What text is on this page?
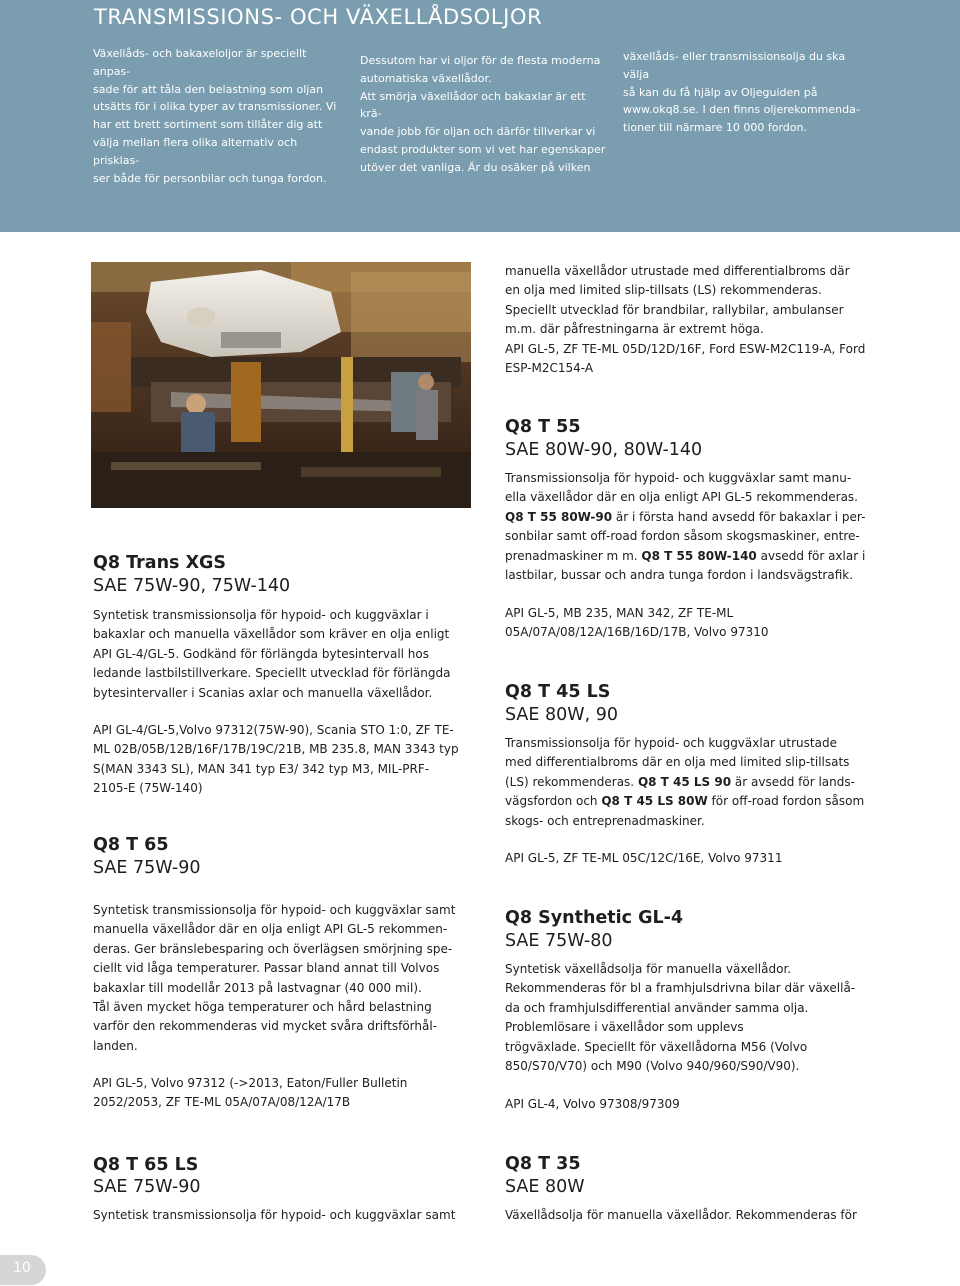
TRANSMISSIONS- OCH VÄXELLÅDSOLJOR

Växellåds- och bakaxeloljor är speciellt anpas-

sade för att tåla den belastning som oljan

utsätts för i olika typer av transmissioner. Vi

har ett brett sortiment som tillåter dig att

välja mellan flera olika alternativ och prisklas-

ser både för personbilar och tunga fordon.

Dessutom har vi oljor för de flesta moderna

automatiska växellådor.

Att smörja växellådor och bakaxlar är ett krä-

vande jobb för oljan och därför tillverkar vi

endast produkter som vi vet har egenskaper

utöver det vanliga. Är du osäker på vilken

växellåds- eller transmissionsolja du ska välja

så kan du få hjälp av Oljeguiden på

www.okq8.se. I den finns oljerekommenda-

tioner till närmare 10 000 fordon.

manuella växellådor utrustade med differentialbroms där
en olja med limited slip-tillsats (LS) rekommenderas.
Speciellt utvecklad för brandbilar, rallybilar, ambulanser
m.m. där påfrestningarna är extremt höga.
API GL-5, ZF TE-ML 05D/12D/16F, Ford ESW-M2C119-A, Ford
ESP-M2C154-A
Q8 Trans XGS
SAE 75W-90, 75W-140
Syntetisk transmissionsolja för hypoid- och kuggväxlar i
bakaxlar och manuella växellådor som kräver en olja enligt
API GL-4/GL-5. Godkänd för förlängda bytesintervall hos
ledande lastbilstillverkare. Speciellt utvecklad för förlängda
bytesintervaller i Scanias axlar och manuella växellådor.
API GL-4/GL-5,Volvo 97312(75W-90), Scania STO 1:0, ZF TE-
ML 02B/05B/12B/16F/17B/19C/21B, MB 235.8, MAN 3343 typ
S(MAN 3343 SL), MAN 341 typ E3/ 342 typ M3, MIL-PRF-
2105-E (75W-140)
Q8 T 65
SAE 75W-90
Syntetisk transmissionsolja för hypoid- och kuggväxlar samt
manuella växellådor där en olja enligt API GL-5 rekommen-
deras. Ger bränslebesparing och överlägsen smörjning spe-
ciellt vid låga temperaturer. Passar bland annat till Volvos
bakaxlar till modellår 2013 på lastvagnar (40 000 mil).
Tål även mycket höga temperaturer och hård belastning
varför den rekommenderas vid mycket svåra driftsförhål-
landen.
API GL-5, Volvo 97312 (->2013, Eaton/Fuller Bulletin
2052/2053, ZF TE-ML 05A/07A/08/12A/17B
Q8 T 65 LS
SAE 75W-90
Syntetisk transmissionsolja för hypoid- och kuggväxlar samt
Q8 T 55
SAE 80W-90, 80W-140
Transmissionsolja för hypoid- och kuggväxlar samt manu-
ella växellådor där en olja enligt API GL-5 rekommenderas.
Q8 T 55 80W-90 är i första hand avsedd för bakaxlar i per-
sonbilar samt off-road fordon såsom skogsmaskiner, entre-
prenadmaskiner m m. Q8 T 55 80W-140 avsedd för axlar i
lastbilar, bussar och andra tunga fordon i landsvägstrafik.
API GL-5, MB 235, MAN 342, ZF TE-ML
05A/07A/08/12A/16B/16D/17B, Volvo 97310
Q8 T 45 LS
SAE 80W, 90
Transmissionsolja för hypoid- och kuggväxlar utrustade
med differentialbroms där en olja med limited slip-tillsats
(LS) rekommenderas. Q8 T 45 LS 90 är avsedd för lands-
vägsfordon och Q8 T 45 LS 80W för off-road fordon såsom
skogs- och entreprenadmaskiner.
API GL-5, ZF TE-ML 05C/12C/16E, Volvo 97311
Q8 Synthetic GL-4
SAE 75W-80
Syntetisk växellådsolja för manuella växellådor.
Rekommenderas för bl a framhjulsdrivna bilar där växellå-
da och framhjulsdifferential använder samma olja.
Problemlösare i växellådor som upplevs
trögväxlade. Speciellt för växellådorna M56 (Volvo
850/S70/V70) och M90 (Volvo 940/960/S90/V90).
API GL-4, Volvo 97308/97309
Q8 T 35
SAE 80W
Växellådsolja för manuella växellådor. Rekommenderas för
10
